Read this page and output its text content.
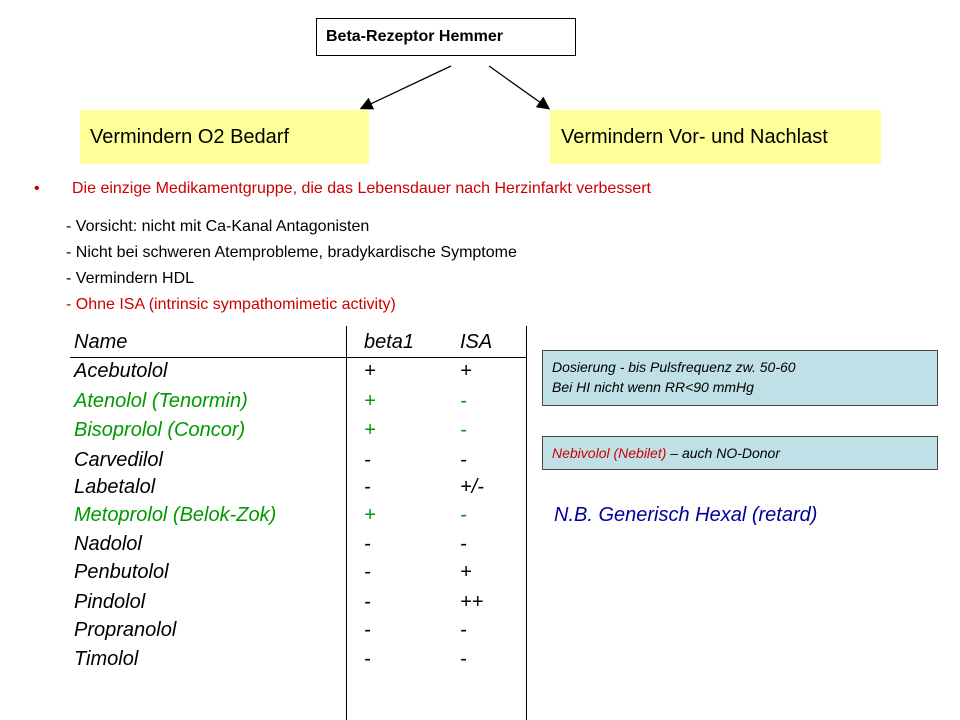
Beta-Rezeptor Hemmer
Vermindern O2 Bedarf	Vermindern Vor- und Nachlast
• Die einzige Medikamentgruppe, die das Lebensdauer nach Herzinfarkt verbessert
- Vorsicht: nicht mit Ca-Kanal Antagonisten
- Nicht bei schweren Atemprobleme, bradykardische Symptome
- Vermindern HDL
- Ohne ISA (intrinsic sympathomimetic activity)
Name	beta1 ISA
Acebutolol	+	+
Atenolol (Tenormin)	+	-
Bisoprolol (Concor)	+	-
Carvedilol	-	-
Labetalol	-	+/-
Metoprolol (Belok-Zok)	+	-
Nadolol	-	-
Penbutolol	-	+
Pindolol	-	++
Propranolol	-	-
Timolol	-	-
Dosierung - bis Pulsfrequenz zw. 50-60
Bei HI nicht wenn RR<90 mmHg
Nebivolol (Nebilet) – auch NO-Donor
N.B. Generisch Hexal (retard)
